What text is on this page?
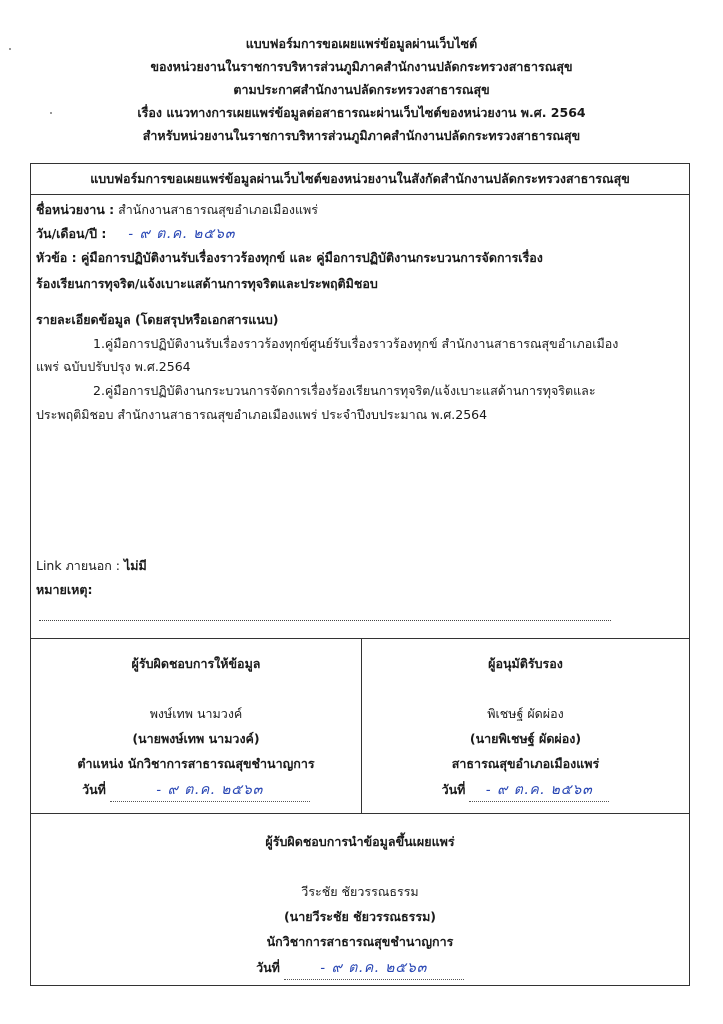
แบบฟอร์มการขอเผยแพร่ข้อมูลผ่านเว็บไซต์
ของหน่วยงานในราชการบริหารส่วนภูมิภาคสำนักงานปลัดกระทรวงสาธารณสุข
ตามประกาศสำนักงานปลัดกระทรวงสาธารณสุข
เรื่อง แนวทางการเผยแพร่ข้อมูลต่อสาธารณะผ่านเว็บไซต์ของหน่วยงาน พ.ศ. 2564
สำหรับหน่วยงานในราชการบริหารส่วนภูมิภาคสำนักงานปลัดกระทรวงสาธารณสุข
แบบฟอร์มการขอเผยแพร่ข้อมูลผ่านเว็บไซต์ของหน่วยงานในสังกัดสำนักงานปลัดกระทรวงสาธารณสุข
ชื่อหน่วยงาน : สำนักงานสาธารณสุขอำเภอเมืองแพร่
วัน/เดือน/ปี : - ๙ ต.ค. ๒๕๖๓
หัวข้อ : คู่มือการปฏิบัติงานรับเรื่องราวร้องทุกข์ และ คู่มือการปฏิบัติงานกระบวนการจัดการเรื่อง
ร้องเรียนการทุจริต/แจ้งเบาะแสด้านการทุจริตและประพฤติมิชอบ
รายละเอียดข้อมูล (โดยสรุปหรือเอกสารแนบ)
1.คู่มือการปฏิบัติงานรับเรื่องราวร้องทุกข์ศูนย์รับเรื่องราวร้องทุกข์ สำนักงานสาธารณสุขอำเภอเมือง
แพร่ ฉบับปรับปรุง พ.ศ.2564
2.คู่มือการปฏิบัติงานกระบวนการจัดการเรื่องร้องเรียนการทุจริต/แจ้งเบาะแสด้านการทุจริตและ
ประพฤติมิชอบ สำนักงานสาธารณสุขอำเภอเมืองแพร่ ประจำปีงบประมาณ พ.ศ.2564
Link ภายนอก : ไม่มี
หมายเหตุ:
ผู้รับผิดชอบการให้ข้อมูล
พงษ์เทพ นามวงค์
(นายพงษ์เทพ นามวงค์)
ตำแหน่ง นักวิชาการสาธารณสุขชำนาญการ
วันที่	- ๙ ต.ค. ๒๕๖๓
ผู้อนุมัติรับรอง
พิเชษฐ์ ผัดผ่อง
(นายพิเชษฐ์ ผัดผ่อง)
สาธารณสุขอำเภอเมืองแพร่
วันที่ - ๙ ต.ค. ๒๕๖๓
ผู้รับผิดชอบการนำข้อมูลขึ้นเผยแพร่
วีระชัย ชัยวรรณธรรม
(นายวีระชัย ชัยวรรณธรรม)
นักวิชาการสาธารณสุขชำนาญการ
วันที่	- ๙ ต.ค. ๒๕๖๓
